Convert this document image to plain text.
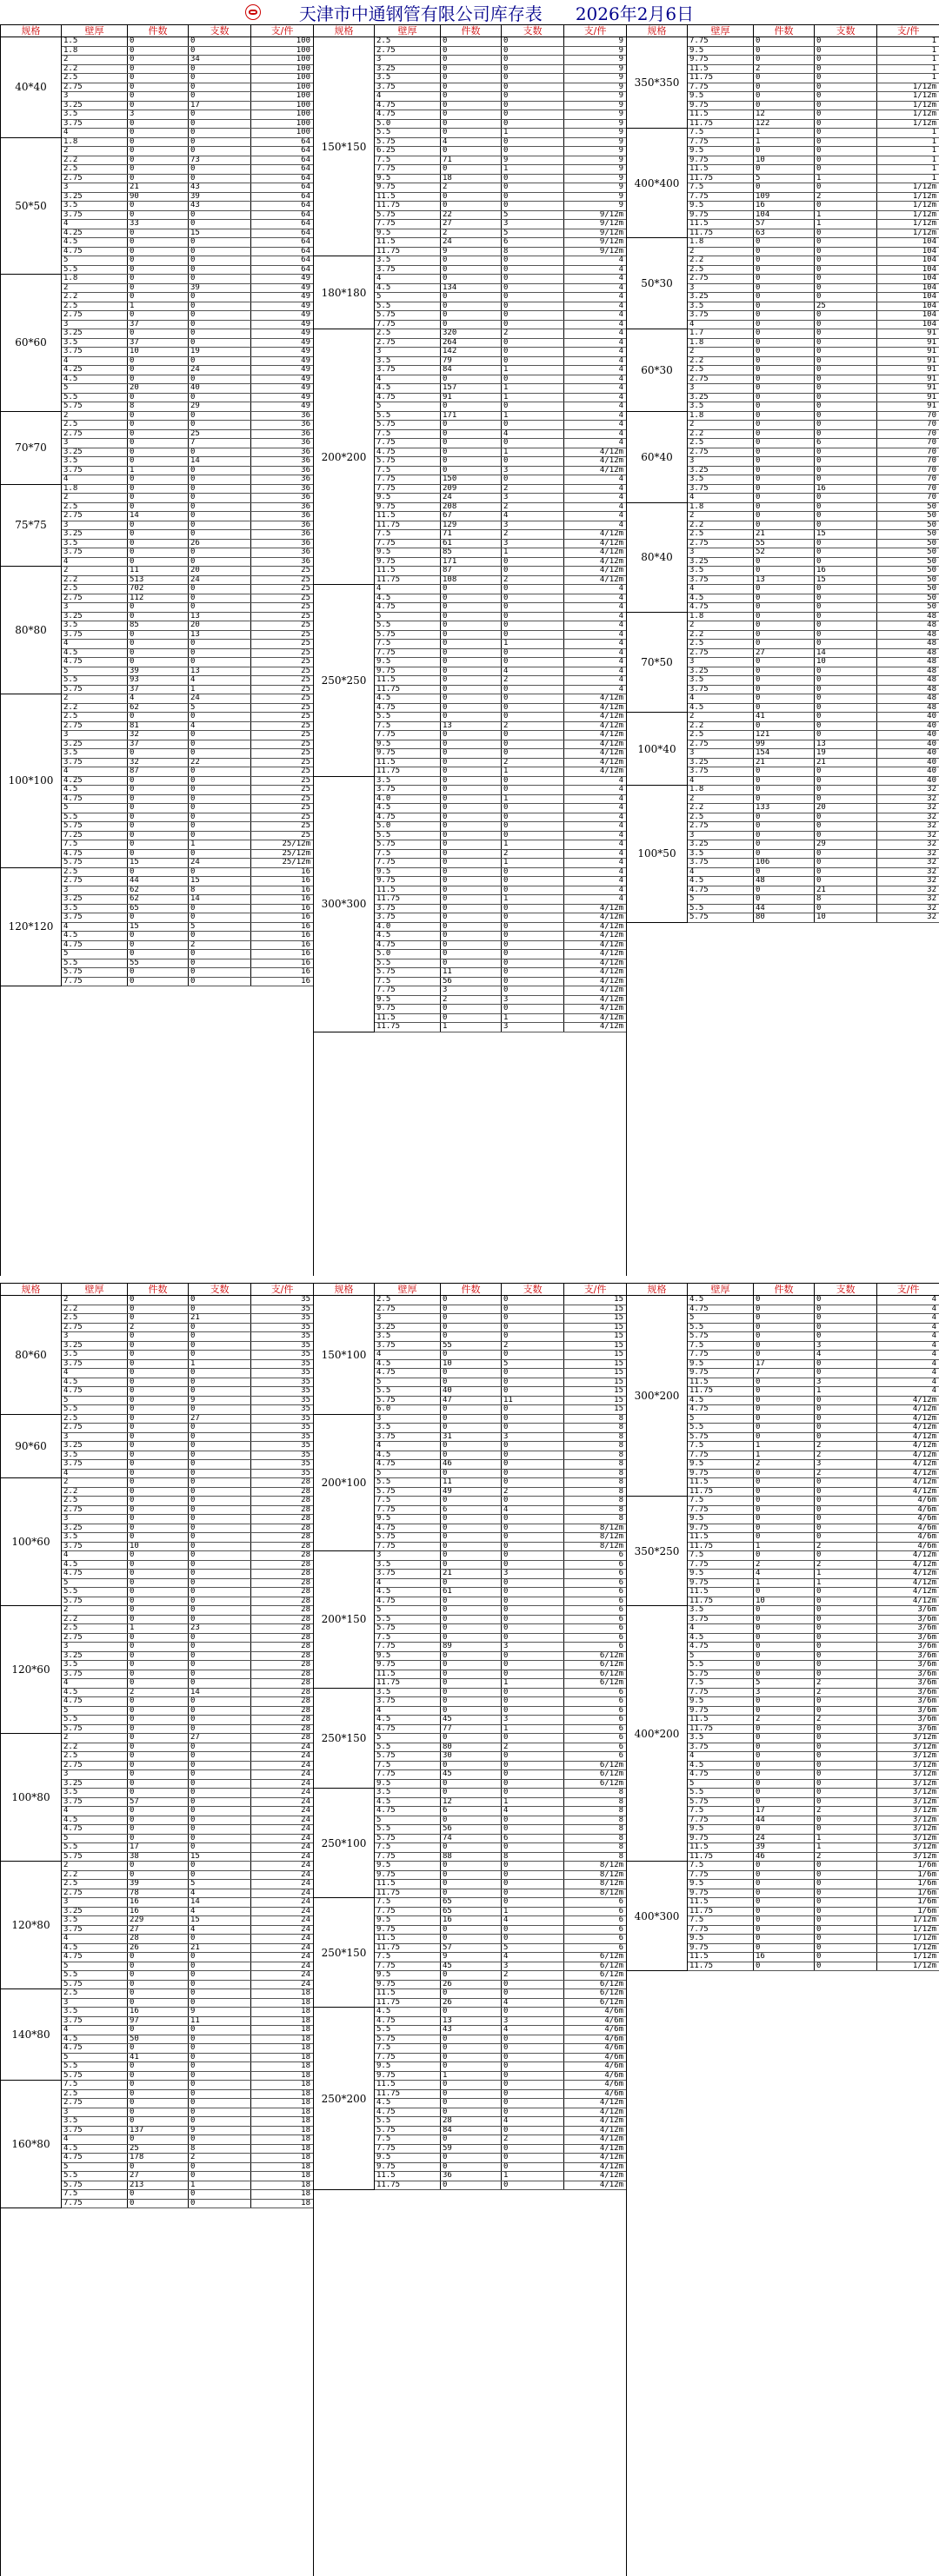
天津市中通钢管有限公司库存表 2026年2月6日
规格	壁厚	件数	支数	支/件
40*40
1.5	0	0	100
1.8	0	0	100
2	0	34	100
2.2	0	0	100
2.5	0	0	100
2.75	0	0	100
3	0	0	100
3.25	0	17	100
3.5	3	0	100
3.75	0	0	100
4	0	0	100
50*50
1.8	0	0	64
2	0	0	64
2.2	0	73	64
2.5	0	0	64
2.75	0	0	64
3	21	43	64
3.25	90	39	64
3.5	0	43	64
3.75	0	0	64
4	33	0	64
4.25	0	15	64
4.5	0	0	64
4.75	0	0	64
5	0	0	64
5.5	0	0	64
60*60
1.8	0	0	49
2	0	39	49
2.2	0	0	49
2.5	1	0	49
2.75	0	0	49
3	37	0	49
3.25	0	0	49
3.5	37	0	49
3.75	10	19	49
4	0	0	49
4.25	0	24	49
4.5	0	0	49
5	20	40	49
5.5	0	0	49
5.75	8	29	49
70*70
2	0	0	36
2.5	0	0	36
2.75	0	25	36
3	0	7	36
3.25	0	0	36
3.5	0	14	36
3.75	1	0	36
4	0	0	36
75*75
1.8	0	0	36
2	0	0	36
2.5	0	0	36
2.75	14	0	36
3	0	0	36
3.25	0	0	36
3.5	0	26	36
3.75	0	0	36
4	0	0	36
80*80
2	11	20	25
2.2	513	24	25
2.5	702	0	25
2.75	112	0	25
3	0	0	25
3.25	0	13	25
3.5	85	20	25
3.75	0	13	25
4	0	0	25
4.5	0	0	25
4.75	0	0	25
5	39	13	25
5.5	93	4	25
5.75	37	1	25
100*100
2	4	24	25
2.2	62	5	25
2.5	0	0	25
2.75	81	4	25
3	32	0	25
3.25	37	0	25
3.5	0	0	25
3.75	32	22	25
4	87	0	25
4.25	0	0	25
4.5	0	0	25
4.75	0	0	25
5	0	0	25
5.5	0	0	25
5.75	0	0	25
7.25	0	0	25
7.5	0	1	25/12m
4.75	0	0	25/12m
5.75	15	24	25/12m
120*120
2.5	0	0	16
2.75	44	15	16
3	62	8	16
3.25	62	14	16
3.5	65	0	16
3.75	0	0	16
4	15	5	16
4.5	0	0	16
4.75	0	2	16
5	0	0	16
5.5	55	0	16
5.75	0	0	16
7.75	0	0	16
规格	壁厚	件数	支数	支/件
150*150
2.5	0	0	9
2.75	0	0	9
3	0	0	9
3.25	0	0	9
3.5	0	0	9
3.75	0	0	9
4	0	0	9
4.75	0	0	9
4.75	0	0	9
5.0	0	0	9
5.5	0	1	9
5.75	4	0	9
6.25	0	0	9
7.5	71	9	9
7.75	0	1	9
9.5	18	0	9
9.75	2	0	9
11.5	0	0	9
11.75	0	0	9
5.75	22	5	9/12m
7.75	27	3	9/12m
9.5	2	5	9/12m
11.5	24	6	9/12m
11.75	9	8	9/12m
180*180
3.5	0	0	4
3.75	0	0	4
4	0	0	4
4.5	134	0	4
5	0	0	4
5.5	0	0	4
5.75	0	0	4
7.75	0	0	4
200*200
2.5	320	2	4
2.75	264	0	4
3	142	0	4
3.5	79	0	4
3.75	84	1	4
4	0	0	4
4.5	157	1	4
4.75	91	1	4
5	0	0	4
5.5	171	1	4
5.75	0	0	4
7.5	0	4	4
7.75	0	0	4
4.75	0	1	4/12m
5.75	0	0	4/12m
7.5	0	3	4/12m
7.75	150	0	4
7.75	209	2	4
9.5	24	3	4
9.75	208	2	4
11.5	67	4	4
11.75	129	3	4
7.5	71	2	4/12m
7.75	61	3	4/12m
9.5	85	1	4/12m
9.75	171	0	4/12m
11.5	87	0	4/12m
11.75	108	2	4/12m
250*250
4	0	0	4
4.5	0	0	4
4.75	0	0	4
5	0	0	4
5.5	0	0	4
5.75	0	0	4
7.5	0	1	4
7.75	0	0	4
9.5	0	0	4
9.75	0	4	4
11.5	0	2	4
11.75	0	0	4
4.5	0	0	4/12m
4.75	0	0	4/12m
5.5	0	0	4/12m
7.5	13	2	4/12m
7.75	0	0	4/12m
9.5	0	0	4/12m
9.75	0	0	4/12m
11.5	0	2	4/12m
11.75	0	1	4/12m
300*300
3.5	0	0	4
3.75	0	0	4
4.0	0	1	4
4.5	0	0	4
4.75	0	0	4
5.0	0	0	4
5.5	0	0	4
5.75	0	1	4
7.5	0	2	4
7.75	0	1	4
9.5	0	0	4
9.75	0	0	4
11.5	0	0	4
11.75	0	1	4
3.75	0	0	4/12m
3.75	0	0	4/12m
4.0	0	0	4/12m
4.5	0	0	4/12m
4.75	0	0	4/12m
5.0	0	0	4/12m
5.5	0	0	4/12m
5.75	11	0	4/12m
7.5	56	0	4/12m
7.75	3	0	4/12m
9.5	2	3	4/12m
9.75	0	0	4/12m
11.5	0	1	4/12m
11.75	1	3	4/12m
规格	壁厚	件数	支数	支/件
350*350
7.75	0	0	1
9.5	0	0	1
9.75	0	0	1
11.5	2	0	1
11.75	0	0	1
7.75	0	0	1/12m
9.5	0	0	1/12m
9.75	0	0	1/12m
11.5	12	0	1/12m
11.75	122	0	1/12m
400*400
7.5	1	0	1
7.75	1	0	1
9.5	0	0	1
9.75	10	0	1
11.5	0	0	1
11.75	5	1	1
7.5	0	0	1/12m
7.75	109	2	1/12m
9.5	16	0	1/12m
9.75	104	1	1/12m
11.5	57	1	1/12m
11.75	63	0	1/12m
50*30
1.8	0	0	104
2	0	0	104
2.2	0	0	104
2.5	0	0	104
2.75	0	0	104
3	0	0	104
3.25	0	0	104
3.5	0	25	104
3.75	0	0	104
4	0	0	104
60*30
1.7	0	0	91
1.8	0	0	91
2	0	0	91
2.2	0	0	91
2.5	0	0	91
2.75	0	0	91
3	0	0	91
3.25	0	0	91
3.5	0	0	91
60*40
1.8	0	0	70
2	0	0	70
2.2	0	0	70
2.5	0	6	70
2.75	0	0	70
3	0	0	70
3.25	0	0	70
3.5	0	0	70
3.75	0	16	70
4	0	0	70
80*40
1.8	0	0	50
2	0	0	50
2.2	0	0	50
2.5	21	15	50
2.75	55	0	50
3	52	0	50
3.25	0	0	50
3.5	0	16	50
3.75	13	15	50
4	0	0	50
4.5	0	0	50
4.75	0	0	50
70*50
1.8	0	0	48
2	0	0	48
2.2	0	0	48
2.5	0	0	48
2.75	27	14	48
3	0	10	48
3.25	0	0	48
3.5	0	0	48
3.75	0	0	48
4	0	0	48
4.5	0	0	48
100*40
2	41	0	40
2.2	0	0	40
2.5	121	0	40
2.75	99	13	40
3	154	19	40
3.25	21	21	40
3.75	0	0	40
4	0	0	40
100*50
1.8	0	0	32
2	0	0	32
2.2	133	20	32
2.5	0	0	32
2.75	0	0	32
3	0	0	32
3.25	0	29	32
3.5	0	0	32
3.75	106	0	32
4	0	0	32
4.5	48	0	32
4.75	0	21	32
5	0	8	32
5.5	44	0	32
5.75	80	10	32
规格	壁厚	件数	支数	支/件
80*60
2	0	0	35
2.2	0	0	35
2.5	0	21	35
2.75	2	0	35
3	0	0	35
3.25	0	0	35
3.5	0	0	35
3.75	0	1	35
4	0	0	35
4.5	0	0	35
4.75	0	0	35
5	0	9	35
5.5	0	0	35
90*60
2.5	0	27	35
2.75	0	0	35
3	0	0	35
3.25	0	0	35
3.5	0	0	35
3.75	0	0	35
4	0	0	35
100*60
2	0	0	28
2.2	0	0	28
2.5	0	0	28
2.75	0	0	28
3	0	0	28
3.25	0	0	28
3.5	0	0	28
3.75	10	0	28
4	0	0	28
4.5	0	0	28
4.75	0	0	28
5	0	0	28
5.5	0	0	28
5.75	0	0	28
120*60
2	0	0	28
2.2	0	0	28
2.5	1	23	28
2.75	0	0	28
3	0	0	28
3.25	0	0	28
3.5	0	0	28
3.75	0	0	28
4	0	0	28
4.5	2	14	28
4.75	0	0	28
5	0	0	28
5.5	0	0	28
5.75	0	0	28
100*80
2	0	27	28
2.2	0	0	24
2.5	0	0	24
2.75	0	0	24
3	0	0	24
3.25	0	0	24
3.5	0	0	24
3.75	57	0	24
4	0	0	24
4.5	0	0	24
4.75	0	0	24
5	0	0	24
5.5	17	0	24
5.75	38	15	24
120*80
2	0	0	24
2.2	0	0	24
2.5	39	5	24
2.75	78	4	24
3	16	14	24
3.25	16	4	24
3.5	229	15	24
3.75	27	4	24
4	28	0	24
4.5	26	21	24
4.75	0	0	24
5	0	0	24
5.5	0	0	24
5.75	0	0	24
140*80
2.5	0	0	18
3	0	0	18
3.5	16	9	18
3.75	97	11	18
4	0	0	18
4.5	50	0	18
4.75	0	0	18
5	41	0	18
5.5	0	0	18
5.75	0	0	18
160*80
7.5	0	0	18
2.5	0	0	18
2.75	0	0	18
3	0	0	18
3.5	0	0	18
3.75	137	9	18
4	0	0	18
4.5	25	8	18
4.75	178	2	18
5	0	0	18
5.5	27	0	18
5.75	213	1	18
7.5	0	0	18
7.75	0	0	18
规格	壁厚	件数	支数	支/件
150*100
2.5	0	0	15
2.75	0	0	15
3	0	0	15
3.25	0	0	15
3.5	0	0	15
3.75	55	2	15
4	0	0	15
4.5	10	5	15
4.75	0	0	15
5	0	0	15
5.5	40	0	15
5.75	47	11	15
6.0	0	0	15
200*100
3	0	0	8
3.5	0	0	8
3.75	31	3	8
4	0	0	8
4.5	0	0	8
4.75	46	0	8
5	0	0	8
5.5	11	0	8
5.75	49	2	8
7.5	0	0	8
7.75	6	4	8
9.5	0	0	8
4.75	0	0	8/12m
5.75	0	0	8/12m
7.75	0	0	8/12m
200*150
3	0	0	6
3.5	0	0	6
3.75	21	3	6
4	0	0	6
4.5	61	0	6
4.75	0	0	6
5	0	0	6
5.5	0	0	6
5.75	0	0	6
7.5	0	0	6
7.75	89	3	6
9.5	0	0	6/12m
9.75	0	0	6/12m
11.5	0	0	6/12m
11.75	0	1	6/12m
250*150
3.5	0	0	6
3.75	0	0	6
4	0	0	6
4.5	45	3	6
4.75	77	1	6
5	0	0	6
5.5	80	2	6
5.75	30	0	6
7.5	0	0	6/12m
7.75	45	0	6/12m
9.5	0	0	6/12m
250*100
3.5	0	0	8
4.5	12	1	8
4.75	6	4	8
5	0	0	8
5.5	56	0	8
5.75	74	6	8
7.5	0	0	8
7.75	88	8	8
9.5	0	0	8/12m
9.75	0	0	8/12m
11.5	0	0	8/12m
11.75	0	0	8/12m
250*150
7.5	65	0	6
7.75	65	1	6
9.5	16	4	6
9.75	0	0	6
11.5	0	0	6
11.75	57	5	6
7.5	9	4	6/12m
7.75	45	3	6/12m
9.5	0	2	6/12m
9.75	26	0	6/12m
11.5	0	0	6/12m
11.75	26	4	6/12m
250*200
4.5	0	0	4/6m
4.75	13	3	4/6m
5.5	43	4	4/6m
5.75	0	0	4/6m
7.5	0	0	4/6m
7.75	0	0	4/6m
9.5	0	0	4/6m
9.75	1	0	4/6m
11.5	0	0	4/6m
11.75	0	0	4/6m
4.5	0	0	4/12m
4.75	0	0	4/12m
5.5	28	4	4/12m
5.75	84	0	4/12m
7.5	0	2	4/12m
7.75	59	0	4/12m
9.5	0	0	4/12m
9.75	0	0	4/12m
11.5	36	1	4/12m
11.75	0	0	4/12m
规格	壁厚	件数	支数	支/件
300*200
4.5	0	0	4
4.75	0	0	4
5	0	0	4
5.5	0	0	4
5.75	0	0	4
7.5	0	3	4
7.75	0	4	4
9.5	17	0	4
9.75	7	0	4
11.5	0	3	4
11.75	0	1	4
4.5	0	0	4/12m
4.75	0	0	4/12m
5	0	0	4/12m
5.5	0	0	4/12m
5.75	0	0	4/12m
7.5	1	2	4/12m
7.75	1	2	4/12m
9.5	2	3	4/12m
9.75	0	2	4/12m
11.5	0	0	4/12m
11.75	0	0	4/12m
350*250
7.5	0	0	4/6m
7.75	0	0	4/6m
9.5	0	0	4/6m
9.75	0	0	4/6m
11.5	0	0	4/6m
11.75	1	2	4/6m
7.5	0	0	4/12m
7.75	2	2	4/12m
9.5	4	1	4/12m
9.75	1	1	4/12m
11.5	0	0	4/12m
11.75	10	0	4/12m
400*200
3.5	0	0	3/6m
3.75	0	0	3/6m
4	0	0	3/6m
4.5	0	0	3/6m
4.75	0	0	3/6m
5	0	0	3/6m
5.5	0	0	3/6m
5.75	0	0	3/6m
7.5	5	2	3/6m
7.75	3	2	3/6m
9.5	0	0	3/6m
9.75	0	0	3/6m
11.5	2	2	3/6m
11.75	0	0	3/6m
3.5	0	0	3/12m
3.75	0	0	3/12m
4	0	0	3/12m
4.5	0	0	3/12m
4.75	0	0	3/12m
5	0	0	3/12m
5.5	0	0	3/12m
5.75	0	0	3/12m
7.5	17	2	3/12m
7.75	44	0	3/12m
9.5	0	0	3/12m
9.75	24	1	3/12m
11.5	39	1	3/12m
11.75	46	2	3/12m
400*300
7.5	0	0	1/6m
7.75	0	0	1/6m
9.5	0	0	1/6m
9.75	0	0	1/6m
11.5	0	0	1/6m
11.75	0	0	1/6m
7.5	0	0	1/12m
7.75	0	0	1/12m
9.5	0	0	1/12m
9.75	0	0	1/12m
11.5	16	0	1/12m
11.75	0	0	1/12m
